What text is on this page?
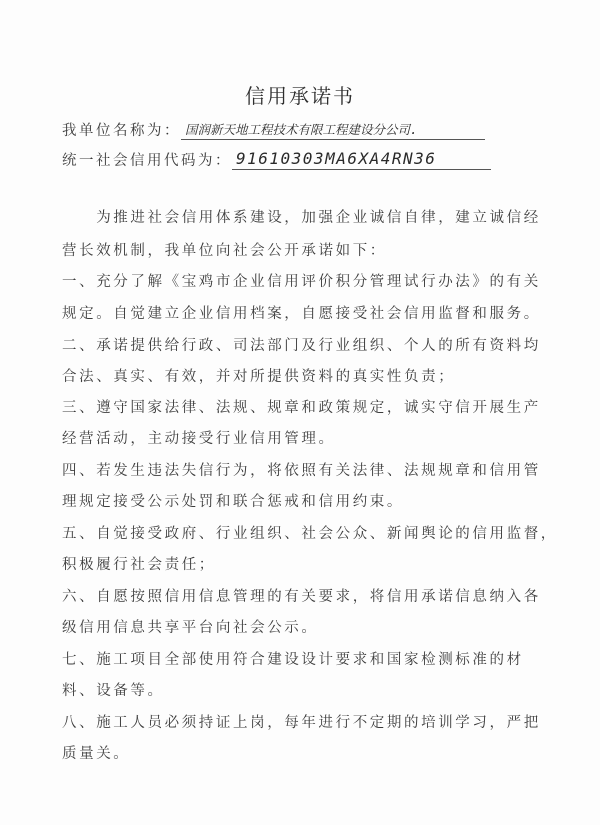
信用承诺书
我单位名称为： 国润新天地工程技术有限工程建设分公司.
统一社会信用代码为： 91610303MA6XA4RN36
　　为推进社会信用体系建设，加强企业诚信自律，建立诚信经
营长效机制，我单位向社会公开承诺如下：
一、充分了解《宝鸡市企业信用评价积分管理试行办法》的有关
规定。自觉建立企业信用档案，自愿接受社会信用监督和服务。
二、承诺提供给行政、司法部门及行业组织、个人的所有资料均
合法、真实、有效，并对所提供资料的真实性负责；
三、遵守国家法律、法规、规章和政策规定，诚实守信开展生产
经营活动，主动接受行业信用管理。
四、若发生违法失信行为，将依照有关法律、法规规章和信用管
理规定接受公示处罚和联合惩戒和信用约束。
五、自觉接受政府、行业组织、社会公众、新闻舆论的信用监督，
积极履行社会责任；
六、自愿按照信用信息管理的有关要求，将信用承诺信息纳入各
级信用信息共享平台向社会公示。
七、施工项目全部使用符合建设设计要求和国家检测标准的材
料、设备等。
八、施工人员必须持证上岗，每年进行不定期的培训学习，严把
质量关。
